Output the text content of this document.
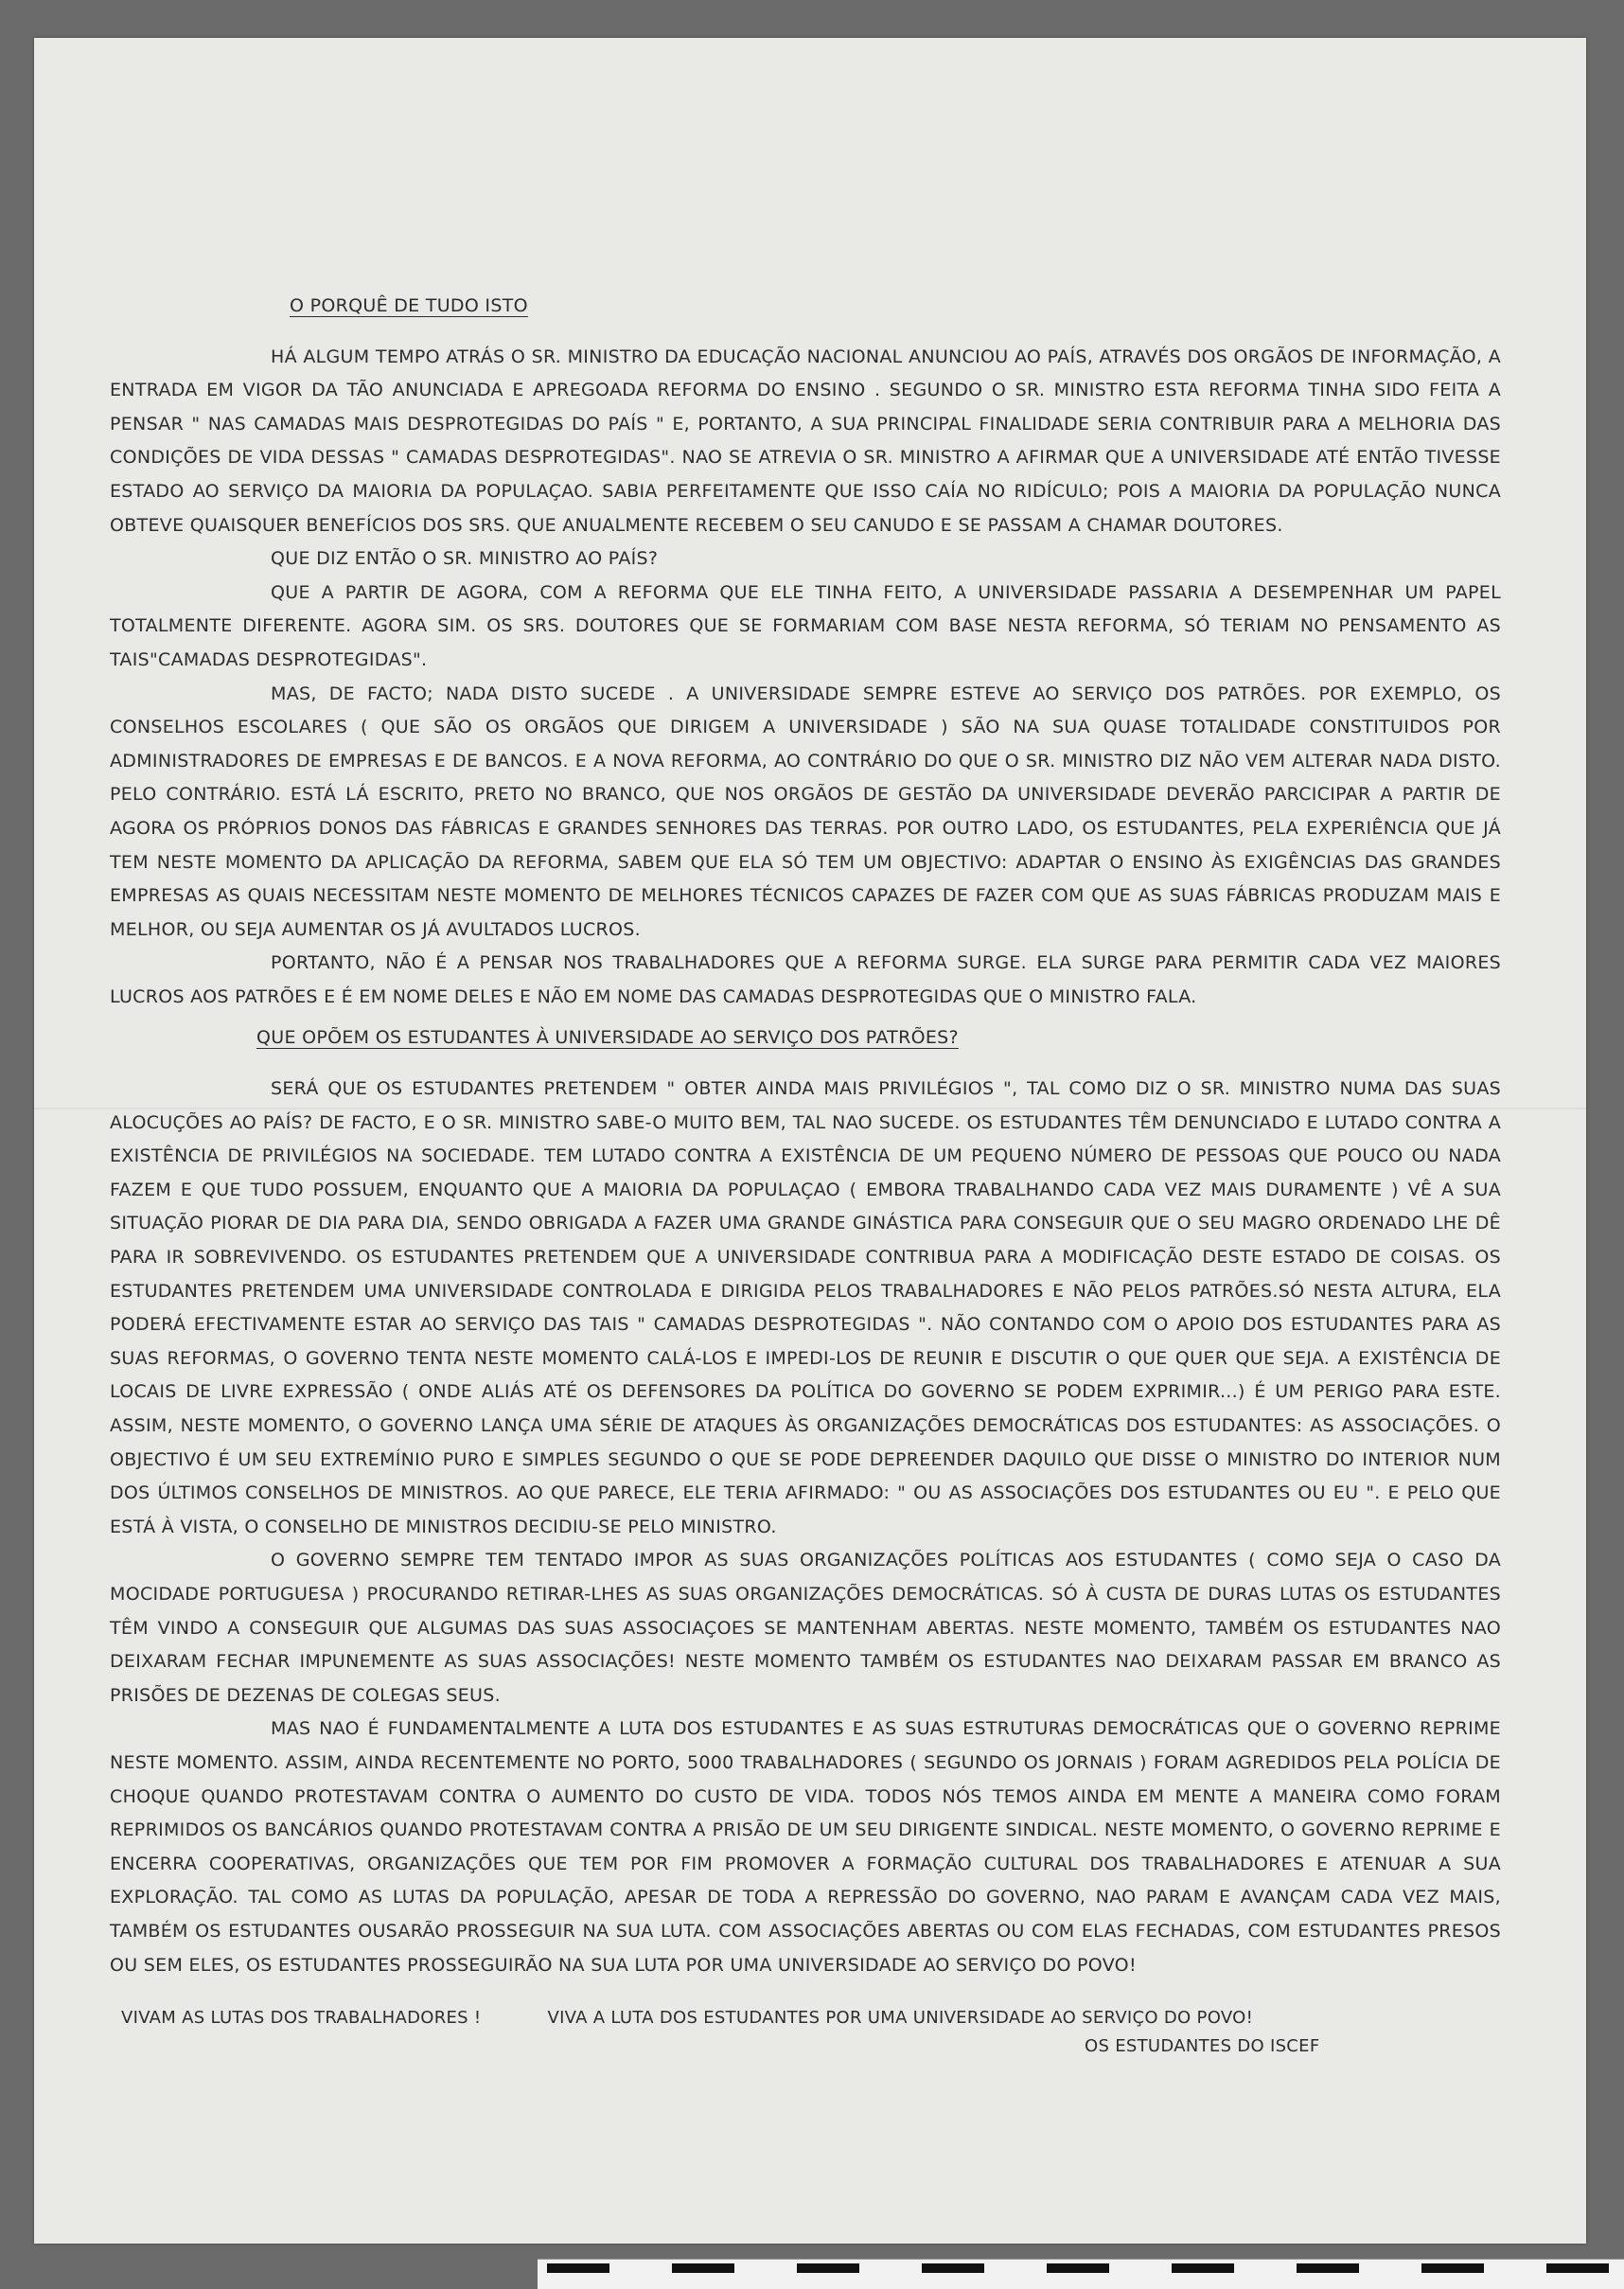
O PORQUÊ DE TUDO ISTO

HÁ ALGUM TEMPO ATRÁS O SR. MINISTRO DA EDUCAÇÃO NACIONAL ANUNCIOU AO PAÍS, ATRAVÉS DOS ORGÃOS DE INFORMAÇÃO, A ENTRADA EM VIGOR DA TÃO ANUNCIADA E APREGOADA REFORMA DO ENSINO . SEGUNDO O SR. MINISTRO ESTA REFORMA TINHA SIDO FEITA A PENSAR " NAS CAMADAS MAIS DESPROTEGIDAS DO PAÍS " E, PORTANTO, A SUA PRINCIPAL FINALIDADE SERIA CONTRIBUIR PARA A MELHORIA DAS CONDIÇÕES DE VIDA DESSAS " CAMADAS DESPROTEGIDAS". NAO SE ATREVIA O SR. MINISTRO A AFIRMAR QUE A UNIVERSIDADE ATÉ ENTÃO TIVESSE ESTADO AO SERVIÇO DA MAIORIA DA POPULAÇAO. SABIA PERFEITAMENTE QUE ISSO CAÍA NO RIDÍCULO; POIS A MAIORIA DA POPULAÇÃO NUNCA OBTEVE QUAISQUER BENEFÍCIOS DOS SRS. QUE ANUALMENTE RECEBEM O SEU CANUDO E SE PASSAM A CHAMAR DOUTORES.

QUE DIZ ENTÃO O SR. MINISTRO AO PAÍS?

QUE A PARTIR DE AGORA, COM A REFORMA QUE ELE TINHA FEITO, A UNIVERSIDADE PASSARIA A DESEMPENHAR UM PAPEL TOTALMENTE DIFERENTE. AGORA SIM. OS SRS. DOUTORES QUE SE FORMARIAM COM BASE NESTA REFORMA, SÓ TERIAM NO PENSAMENTO AS TAIS"CAMADAS DESPROTEGIDAS".

MAS, DE FACTO; NADA DISTO SUCEDE . A UNIVERSIDADE SEMPRE ESTEVE AO SERVIÇO DOS PATRÕES. POR EXEMPLO, OS CONSELHOS ESCOLARES ( QUE SÃO OS ORGÃOS QUE DIRIGEM A UNIVERSIDADE ) SÃO NA SUA QUASE TOTALIDADE CONSTITUIDOS POR ADMINISTRADORES DE EMPRESAS E DE BANCOS. E A NOVA REFORMA, AO CONTRÁRIO DO QUE O SR. MINISTRO DIZ NÃO VEM ALTERAR NADA DISTO. PELO CONTRÁRIO. ESTÁ LÁ ESCRITO, PRETO NO BRANCO, QUE NOS ORGÃOS DE GESTÃO DA UNIVERSIDADE DEVERÃO PARCICIPAR A PARTIR DE AGORA OS PRÓPRIOS DONOS DAS FÁBRICAS E GRANDES SENHORES DAS TERRAS. POR OUTRO LADO, OS ESTUDANTES, PELA EXPERIÊNCIA QUE JÁ TEM NESTE MOMENTO DA APLICAÇÃO DA REFORMA, SABEM QUE ELA SÓ TEM UM OBJECTIVO: ADAPTAR O ENSINO ÀS EXIGÊNCIAS DAS GRANDES EMPRESAS AS QUAIS NECESSITAM NESTE MOMENTO DE MELHORES TÉCNICOS CAPAZES DE FAZER COM QUE AS SUAS FÁBRICAS PRODUZAM MAIS E MELHOR, OU SEJA AUMENTAR OS JÁ AVULTADOS LUCROS.

PORTANTO, NÃO É A PENSAR NOS TRABALHADORES QUE A REFORMA SURGE. ELA SURGE PARA PERMITIR CADA VEZ MAIORES LUCROS AOS PATRÕES E É EM NOME DELES E NÃO EM NOME DAS CAMADAS DESPROTEGIDAS QUE O MINISTRO FALA.

QUE OPÕEM OS ESTUDANTES À UNIVERSIDADE AO SERVIÇO DOS PATRÕES?

SERÁ QUE OS ESTUDANTES PRETENDEM " OBTER AINDA MAIS PRIVILÉGIOS ", TAL COMO DIZ O SR. MINISTRO NUMA DAS SUAS ALOCUÇÕES AO PAÍS? DE FACTO, E O SR. MINISTRO SABE-O MUITO BEM, TAL NAO SUCEDE. OS ESTUDANTES TÊM DENUNCIADO E LUTADO CONTRA A EXISTÊNCIA DE PRIVILÉGIOS NA SOCIEDADE. TEM LUTADO CONTRA A EXISTÊNCIA DE UM PEQUENO NÚMERO DE PESSOAS QUE POUCO OU NADA FAZEM E QUE TUDO POSSUEM, ENQUANTO QUE A MAIORIA DA POPULAÇAO ( EMBORA TRABALHANDO CADA VEZ MAIS DURAMENTE ) VÊ A SUA SITUAÇÃO PIORAR DE DIA PARA DIA, SENDO OBRIGADA A FAZER UMA GRANDE GINÁSTICA PARA CONSEGUIR QUE O SEU MAGRO ORDENADO LHE DÊ PARA IR SOBREVIVENDO. OS ESTUDANTES PRETENDEM QUE A UNIVERSIDADE CONTRIBUA PARA A MODIFICAÇÃO DESTE ESTADO DE COISAS. OS ESTUDANTES PRETENDEM UMA UNIVERSIDADE CONTROLADA E DIRIGIDA PELOS TRABALHADORES E NÃO PELOS PATRÕES.SÓ NESTA ALTURA, ELA PODERÁ EFECTIVAMENTE ESTAR AO SERVIÇO DAS TAIS " CAMADAS DESPROTEGIDAS ". NÃO CONTANDO COM O APOIO DOS ESTUDANTES PARA AS SUAS REFORMAS, O GOVERNO TENTA NESTE MOMENTO CALÁ-LOS E IMPEDI-LOS DE REUNIR E DISCUTIR O QUE QUER QUE SEJA. A EXISTÊNCIA DE LOCAIS DE LIVRE EXPRESSÃO ( ONDE ALIÁS ATÉ OS DEFENSORES DA POLÍTICA DO GOVERNO SE PODEM EXPRIMIR...) É UM PERIGO PARA ESTE. ASSIM, NESTE MOMENTO, O GOVERNO LANÇA UMA SÉRIE DE ATAQUES ÀS ORGANIZAÇÕES DEMOCRÁTICAS DOS ESTUDANTES: AS ASSOCIAÇÕES. O OBJECTIVO É UM SEU EXTREMÍNIO PURO E SIMPLES SEGUNDO O QUE SE PODE DEPREENDER DAQUILO QUE DISSE O MINISTRO DO INTERIOR NUM DOS ÚLTIMOS CONSELHOS DE MINISTROS. AO QUE PARECE, ELE TERIA AFIRMADO: " OU AS ASSOCIAÇÕES DOS ESTUDANTES OU EU ". E PELO QUE ESTÁ À VISTA, O CONSELHO DE MINISTROS DECIDIU-SE PELO MINISTRO.

O GOVERNO SEMPRE TEM TENTADO IMPOR AS SUAS ORGANIZAÇÕES POLÍTICAS AOS ESTUDANTES ( COMO SEJA O CASO DA MOCIDADE PORTUGUESA ) PROCURANDO RETIRAR-LHES AS SUAS ORGANIZAÇÕES DEMOCRÁTICAS. SÓ À CUSTA DE DURAS LUTAS OS ESTUDANTES TÊM VINDO A CONSEGUIR QUE ALGUMAS DAS SUAS ASSOCIAÇOES SE MANTENHAM ABERTAS. NESTE MOMENTO, TAMBÉM OS ESTUDANTES NAO DEIXARAM FECHAR IMPUNEMENTE AS SUAS ASSOCIAÇÕES! NESTE MOMENTO TAMBÉM OS ESTUDANTES NAO DEIXARAM PASSAR EM BRANCO AS PRISÕES DE DEZENAS DE COLEGAS SEUS.

MAS NAO É FUNDAMENTALMENTE A LUTA DOS ESTUDANTES E AS SUAS ESTRUTURAS DEMOCRÁTICAS QUE O GOVERNO REPRIME NESTE MOMENTO. ASSIM, AINDA RECENTEMENTE NO PORTO, 5000 TRABALHADORES ( SEGUNDO OS JORNAIS ) FORAM AGREDIDOS PELA POLÍCIA DE CHOQUE QUANDO PROTESTAVAM CONTRA O AUMENTO DO CUSTO DE VIDA. TODOS NÓS TEMOS AINDA EM MENTE A MANEIRA COMO FORAM REPRIMIDOS OS BANCÁRIOS QUANDO PROTESTAVAM CONTRA A PRISÃO DE UM SEU DIRIGENTE SINDICAL. NESTE MOMENTO, O GOVERNO REPRIME E ENCERRA COOPERATIVAS, ORGANIZAÇÕES QUE TEM POR FIM PROMOVER A FORMAÇÃO CULTURAL DOS TRABALHADORES E ATENUAR A SUA EXPLORAÇÃO. TAL COMO AS LUTAS DA POPULAÇÃO, APESAR DE TODA A REPRESSÃO DO GOVERNO, NAO PARAM E AVANÇAM CADA VEZ MAIS, TAMBÉM OS ESTUDANTES OUSARÃO PROSSEGUIR NA SUA LUTA. COM ASSOCIAÇÕES ABERTAS OU COM ELAS FECHADAS, COM ESTUDANTES PRESOS OU SEM ELES, OS ESTUDANTES PROSSEGUIRÃO NA SUA LUTA POR UMA UNIVERSIDADE AO SERVIÇO DO POVO!

VIVAM AS LUTAS DOS TRABALHADORES !	VIVA A LUTA DOS ESTUDANTES POR UMA UNIVERSIDADE AO SERVIÇO DO POVO!
OS ESTUDANTES DO ISCEF
